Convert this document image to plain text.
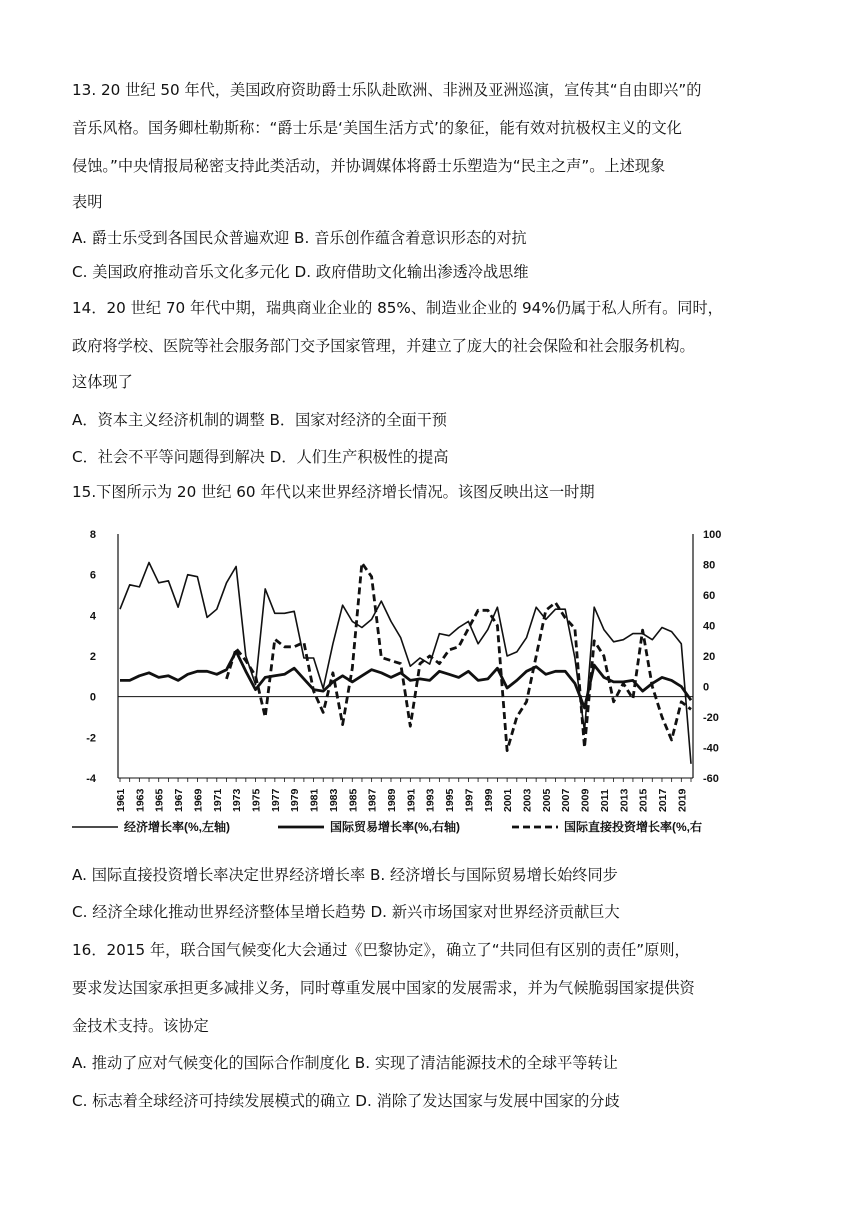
13. 20 世纪 50 年代，美国政府资助爵士乐队赴欧洲、非洲及亚洲巡演，宣传其“自由即兴”的
音乐风格。国务卿杜勒斯称：“爵士乐是‘美国生活方式’的象征，能有效对抗极权主义的文化
侵蚀。”中央情报局秘密支持此类活动，并协调媒体将爵士乐塑造为“民主之声”。上述现象
表明
A. 爵士乐受到各国民众普遍欢迎 B. 音乐创作蕴含着意识形态的对抗
C. 美国政府推动音乐文化多元化 D. 政府借助文化输出渗透冷战思维
14．20 世纪 70 年代中期，瑞典商业企业的 85%、制造业企业的 94%仍属于私人所有。同时，
政府将学校、医院等社会服务部门交予国家管理，并建立了庞大的社会保险和社会服务机构。
这体现了
A．资本主义经济机制的调整 B．国家对经济的全面干预
C．社会不平等问题得到解决 D．人们生产积极性的提高
15.下图所示为 20 世纪 60 年代以来世界经济增长情况。该图反映出这一时期
8
6
4
2
0
-2
-4
100
80
60
40
20
0
-20
-40
-60
1961 1963 1965 1967 1969 1971 1973 1975 1977 1979 1981 1983 1985 1987 1989 1991 1993 1995 1997 1999 2001 2003 2005 2007 2009 2011 2013 2015 2017 2019
经济增长率(%,左轴)	国际贸易增长率(%,右轴)	国际直接投资增长率(%,右
A. 国际直接投资增长率决定世界经济增长率 B. 经济增长与国际贸易增长始终同步
C. 经济全球化推动世界经济整体呈增长趋势 D. 新兴市场国家对世界经济贡献巨大
16．2015 年，联合国气候变化大会通过《巴黎协定》，确立了“共同但有区别的责任”原则，
要求发达国家承担更多减排义务，同时尊重发展中国家的发展需求，并为气候脆弱国家提供资
金技术支持。该协定
A. 推动了应对气候变化的国际合作制度化 B. 实现了清洁能源技术的全球平等转让
C. 标志着全球经济可持续发展模式的确立 D. 消除了发达国家与发展中国家的分歧
